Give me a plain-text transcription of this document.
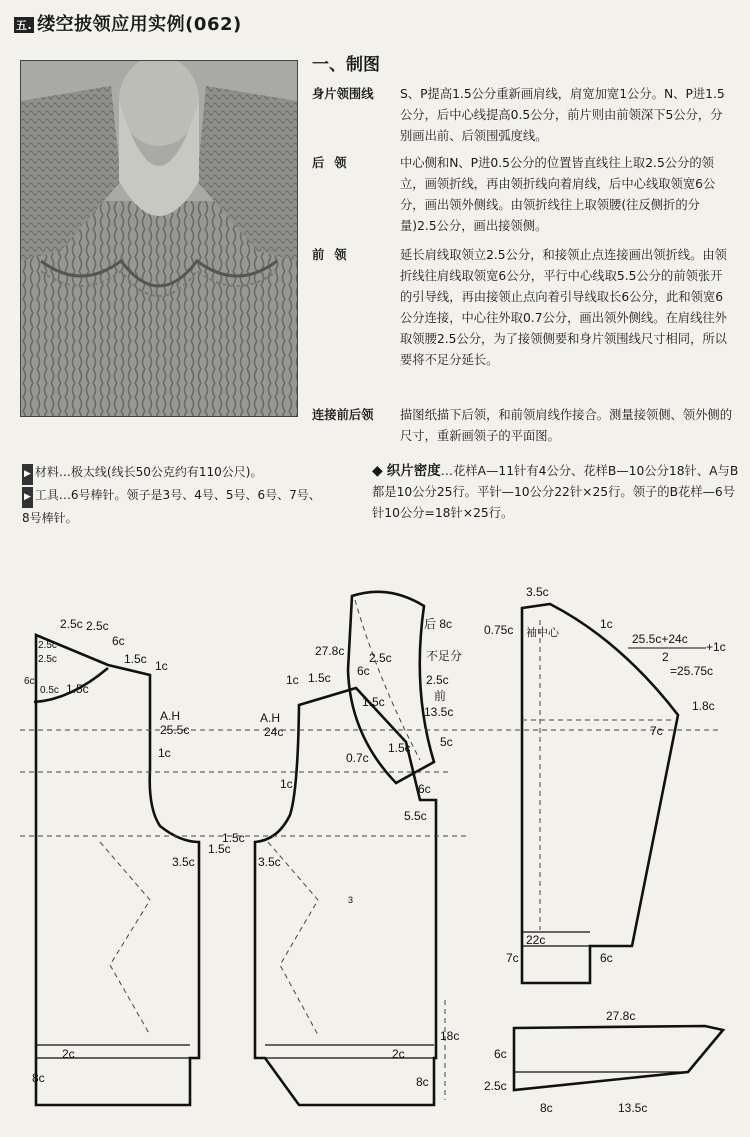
五. 缕空披领应用实例(062)
一、制图
身片领围线	S、P提高1.5公分重新画肩线，肩宽加宽1公分。N、P进1.5公分，后中心线提高0.5公分，前片则由前领深下5公分，分别画出前、后领围弧度线。
后领	中心侧和N、P进0.5公分的位置皆直线往上取2.5公分的领立，画领折线，再由领折线向着肩线，后中心线取领宽6公分，画出领外侧线。由领折线往上取领腰(往反侧折的分量)2.5公分，画出接领侧。
前领	延长肩线取领立2.5公分，和接领止点连接画出领折线。由领折线往肩线取领宽6公分，平行中心线取5.5公分的前领张开的引导线，再由接领止点向着引导线取长6公分，此和领宽6公分连接，中心往外取0.7公分，画出领外侧线。在肩线往外取领腰2.5公分，为了接领侧要和身片领围线尺寸相同，所以要将不足分延长。
连接前后领	描图纸描下后领，和前领肩线作接合。测量接领侧、领外侧的尺寸，重新画领子的平面图。
▶ 材料…极太线(线长50公克约有110公尺)。
▶ 工具…6号棒针。领子是3号、4号、5号、6号、7号、8号棒针。
◆ 织片密度…花样A—11针有4公分、花样B—10公分18针、A与B都是10公分25行。平针—10公分22针×25行。领子的B花样—6号针10公分=18针×25行。
2.5c 2.5c
2.5c
2.5c
6c
0.5c 1.5c
6c
1.5c 1c
A.H
25.5c
1c
3.5c
1.5c
2c
8c
1c 1.5c
A.H
24c
1c
1.5c
3.5c
3
2c
8c
18c
27.8c
后 8c
6c
2.5c	不足分
2.5c
前
13.5c
1.5c
1.5c
0.7c
5c
6c
5.5c
3.5c
0.75c 袖中心
1c
25.5c+24c
+1c
2
=25.75c
1.8c
7c
22c
7c	6c
27.8c
6c
2.5c
8c	13.5c
